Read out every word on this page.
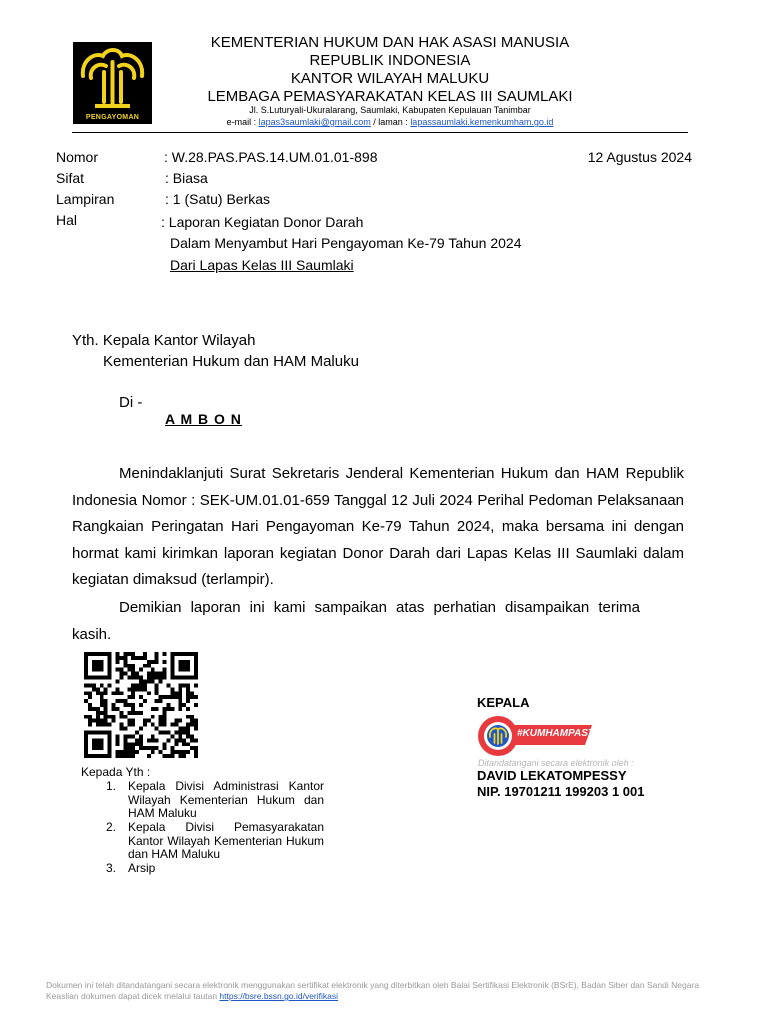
PENGAYOMAN
KEMENTERIAN HUKUM DAN HAK ASASI MANUSIA
REPUBLIK INDONESIA
KANTOR WILAYAH MALUKU
LEMBAGA PEMASYARAKATAN KELAS III SAUMLAKI
Jl. S.Luturyali-Ukuralarang, Saumlaki, Kabupaten Kepulauan Tanimbar
e-mail : lapas3saumlaki@gmail.com / laman : lapassaumlaki.kemenkumham.go.id
12 Agustus 2024
Nomor	: W.28.PAS.PAS.14.UM.01.01-898
Sifat	: Biasa
Lampiran	: 1 (Satu) Berkas
Hal	: Laporan Kegiatan Donor Darah
Dalam Menyambut Hari Pengayoman Ke-79 Tahun 2024
Dari Lapas Kelas III Saumlaki
Yth. Kepala Kantor Wilayah
Kementerian Hukum dan HAM Maluku
Di -
A M B O N
Menindaklanjuti Surat Sekretaris Jenderal Kementerian Hukum dan HAM Republik Indonesia Nomor : SEK-UM.01.01-659 Tanggal 12 Juli 2024 Perihal Pedoman Pelaksanaan Rangkaian Peringatan Hari Pengayoman Ke-79 Tahun 2024, maka bersama ini dengan hormat kami kirimkan laporan kegiatan Donor Darah dari Lapas Kelas III Saumlaki dalam kegiatan dimaksud (terlampir).
Demikian laporan ini kami sampaikan atas perhatian disampaikan terima kasih.
Kepada Yth :
1. Kepala Divisi Administrasi Kantor Wilayah Kementerian Hukum dan HAM Maluku
2. Kepala Divisi Pemasyarakatan Kantor Wilayah Kementerian Hukum dan HAM Maluku
3. Arsip
KEPALA
#KUMHAMPASTI
Ditandatangani secara elektronik oleh :
DAVID LEKATOMPESSY
NIP. 19701211 199203 1 001
Dokumen ini telah ditandatangani secara elektronik menggunakan sertifikat elektronik yang diterbitkan oleh Balai Sertifikasi Elektronik (BSrE), Badan Siber dan Sandi Negara
Keaslian dokumen dapat dicek melalui tautan https://bsre.bssn.go.id/verifikasi
